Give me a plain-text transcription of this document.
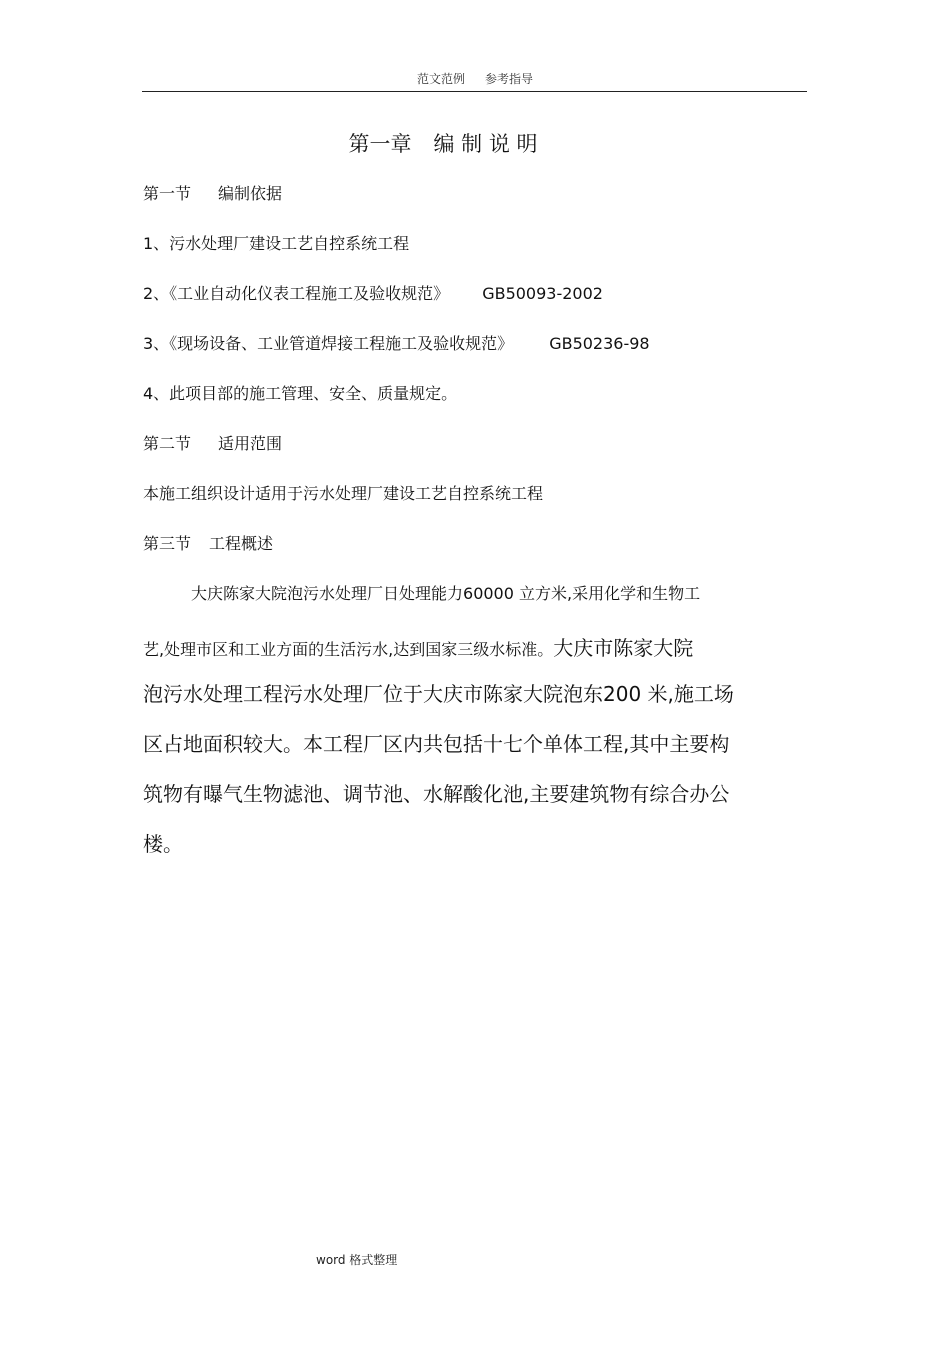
范文范例 参考指导
第一章 编 制 说 明
第一节 编制依据
1、污水处理厂建设工艺自控系统工程
2、《工业自动化仪表工程施工及验收规范》 GB50093-2002
3、《现场设备、工业管道焊接工程施工及验收规范》 GB50236-98
4、此项目部的施工管理、安全、质量规定。
第二节 适用范围
本施工组织设计适用于污水处理厂建设工艺自控系统工程
第三节 工程概述
大庆陈家大院泡污水处理厂日处理能力60000 立方米,采用化学和生物工
艺,处理市区和工业方面的生活污水,达到国家三级水标准。大庆市陈家大院
泡污水处理工程污水处理厂位于大庆市陈家大院泡东200 米,施工场
区占地面积较大。本工程厂区内共包括十七个单体工程,其中主要构
筑物有曝气生物滤池、调节池、水解酸化池,主要建筑物有综合办公
楼。
word 格式整理
